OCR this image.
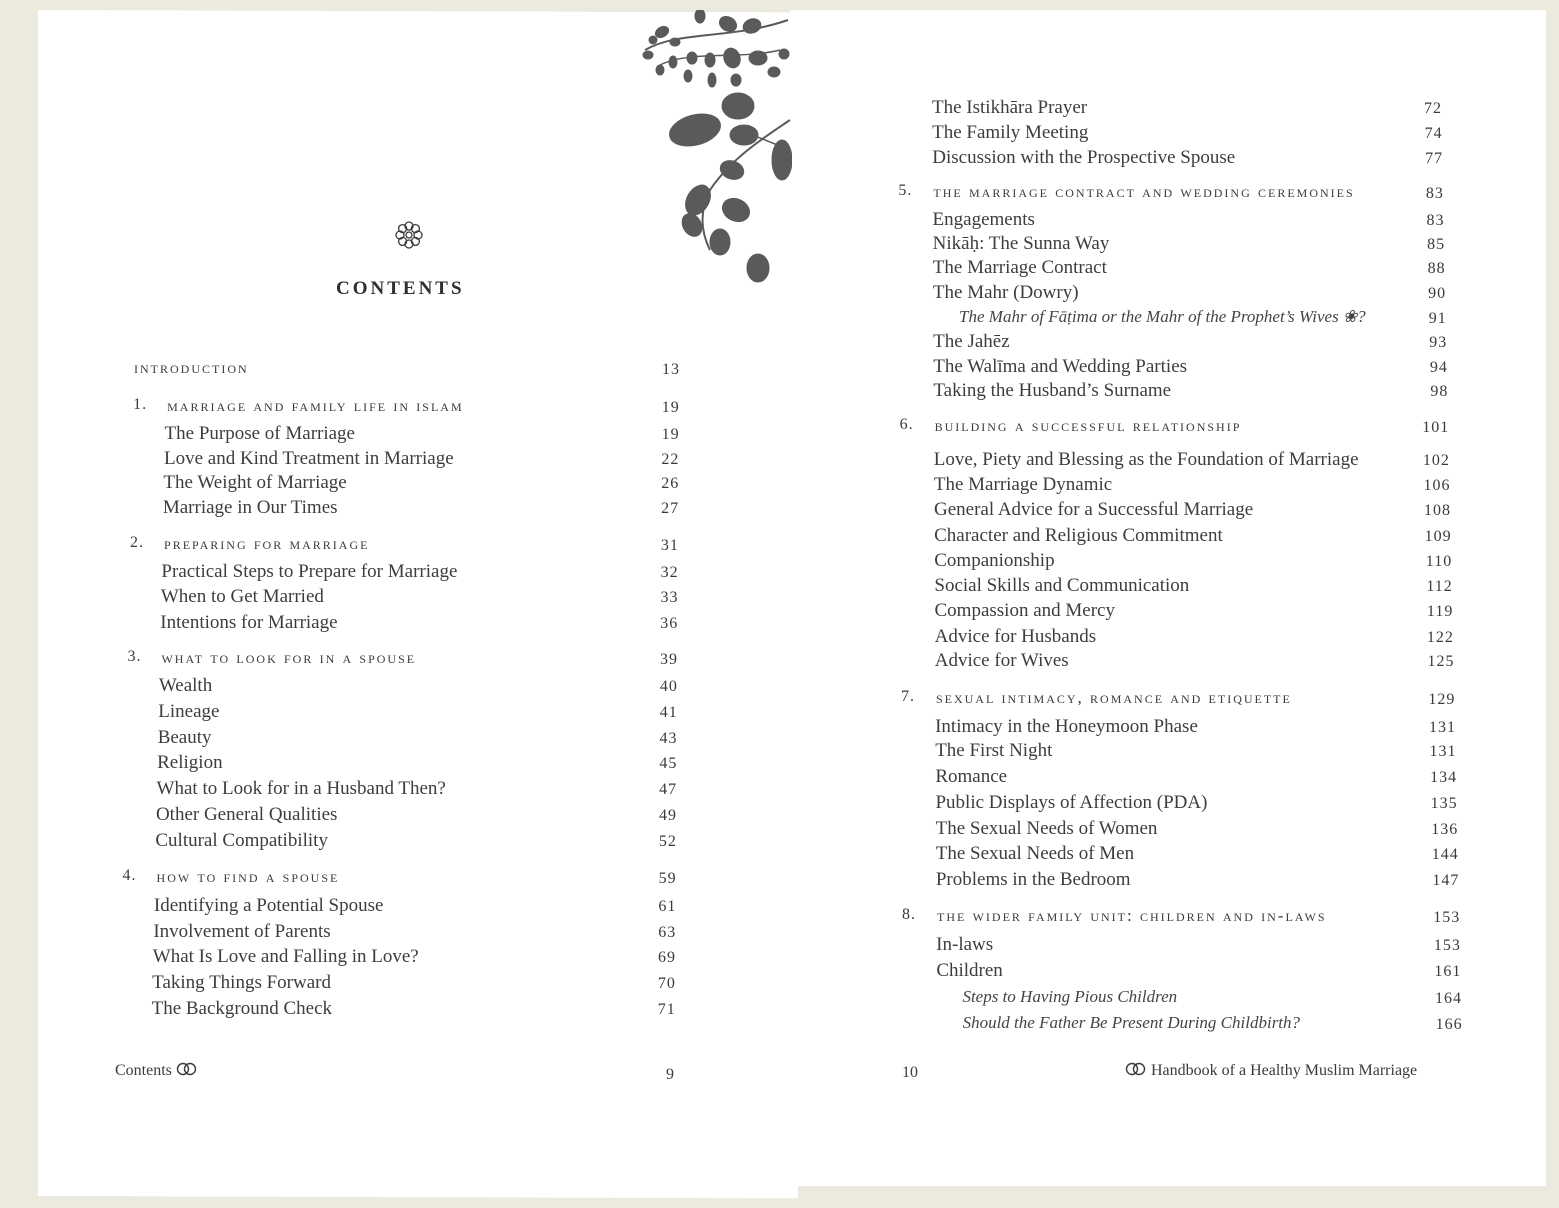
CONTENTS
introduction	13
1. marriage and family life in islam	19
The Purpose of Marriage	19
Love and Kind Treatment in Marriage	22
The Weight of Marriage	26
Marriage in Our Times	27
2. preparing for marriage	31
Practical Steps to Prepare for Marriage	32
When to Get Married	33
Intentions for Marriage	36
3. what to look for in a spouse	39
Wealth	40
Lineage	41
Beauty	43
Religion	45
What to Look for in a Husband Then?	47
Other General Qualities	49
Cultural Compatibility	52
4. how to find a spouse	59
Identifying a Potential Spouse	61
Involvement of Parents	63
What Is Love and Falling in Love?	69
Taking Things Forward	70
The Background Check	71
The Istikhāra Prayer	72
The Family Meeting	74
Discussion with the Prospective Spouse	77
5. the marriage contract and wedding ceremonies	83
Engagements	83
Nikāḥ: The Sunna Way	85
The Marriage Contract	88
The Mahr (Dowry)	90
The Mahr of Fāṭima or the Mahr of the Prophet’s Wives ❀?	91
The Jahēz	93
The Walīma and Wedding Parties	94
Taking the Husband’s Surname	98
6. building a successful relationship	101
Love, Piety and Blessing as the Foundation of Marriage	102
The Marriage Dynamic	106
General Advice for a Successful Marriage	108
Character and Religious Commitment	109
Companionship	110
Social Skills and Communication	112
Compassion and Mercy	119
Advice for Husbands	122
Advice for Wives	125
7. sexual intimacy, romance and etiquette	129
Intimacy in the Honeymoon Phase	131
The First Night	131
Romance	134
Public Displays of Affection (PDA)	135
The Sexual Needs of Women	136
The Sexual Needs of Men	144
Problems in the Bedroom	147
8. the wider family unit: children and in-laws	153
In-laws	153
Children	161
Steps to Having Pious Children	164
Should the Father Be Present During Childbirth?	166
Contents	9	10	Handbook of a Healthy Muslim Marriage
